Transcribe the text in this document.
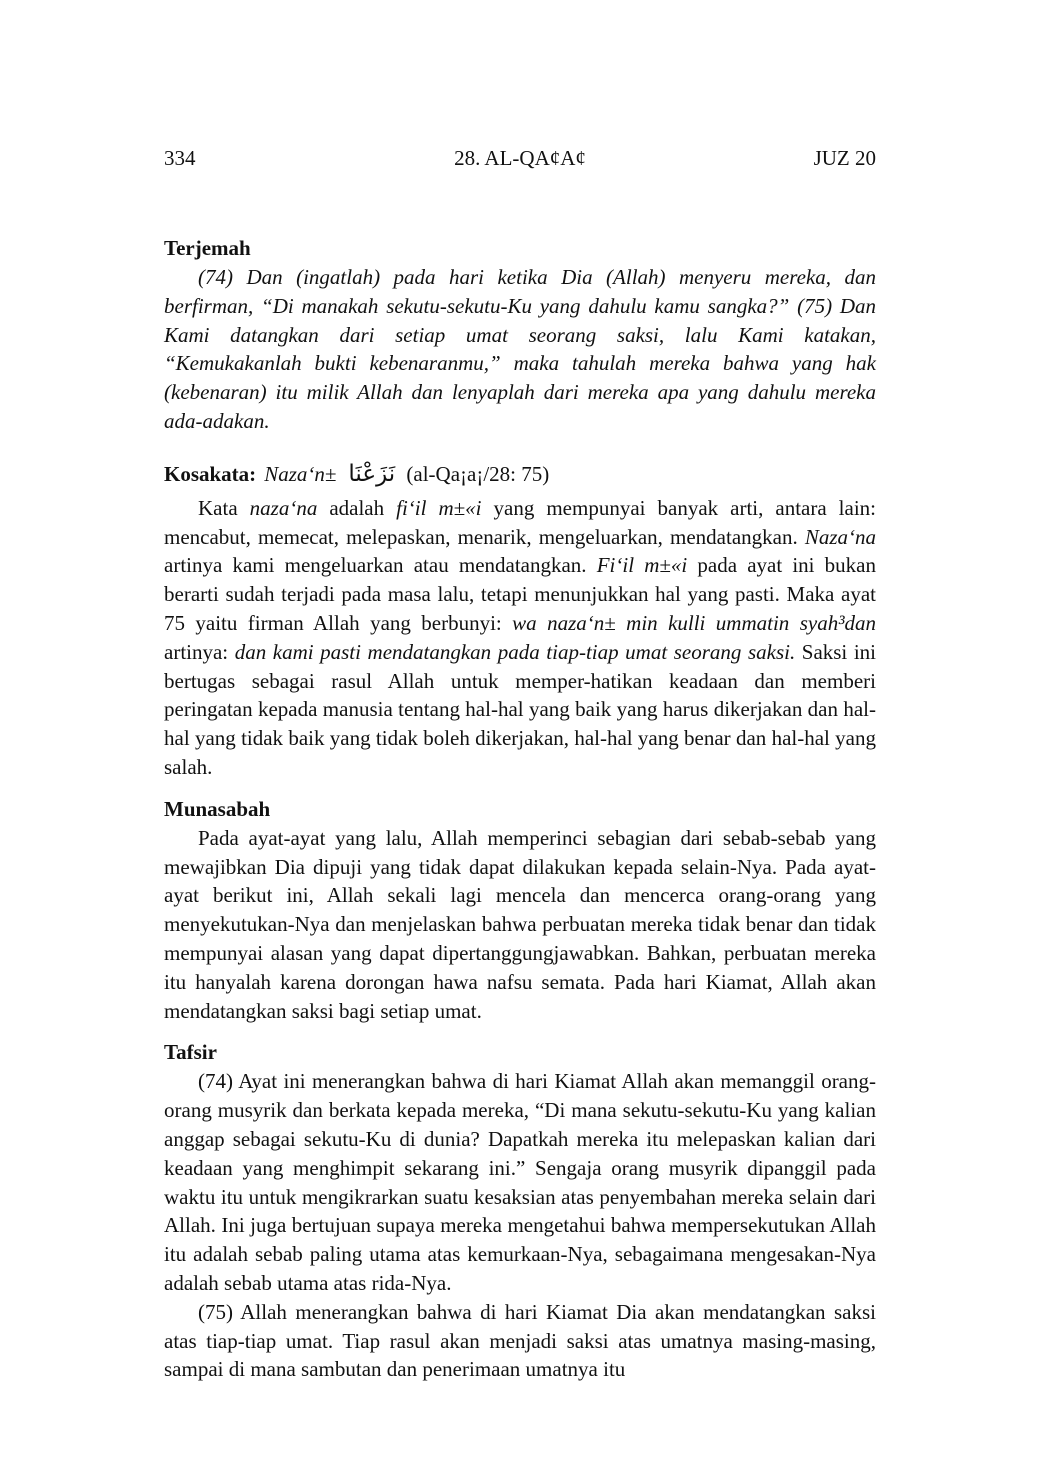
334	28. AL-QA¢A¢	JUZ 20
Terjemah

(74) Dan (ingatlah) pada hari ketika Dia (Allah) menyeru mereka, dan berfirman, “Di manakah sekutu-sekutu-Ku yang dahulu kamu sangka?” (75) Dan Kami datangkan dari setiap umat seorang saksi, lalu Kami katakan, “Kemukakanlah bukti kebenaranmu,” maka tahulah mereka bahwa yang hak (kebenaran) itu milik Allah dan lenyaplah dari mereka apa yang dahulu mereka ada-adakan.

Kosakata: Naza‘n± نَزَعْنَا (al-Qa¡a¡/28: 75)

Kata naza‘na adalah fi‘il m±«i yang mempunyai banyak arti, antara lain: mencabut, memecat, melepaskan, menarik, mengeluarkan, mendatangkan. Naza‘na artinya kami mengeluarkan atau mendatangkan. Fi‘il m±«i pada ayat ini bukan berarti sudah terjadi pada masa lalu, tetapi menunjukkan hal yang pasti. Maka ayat 75 yaitu firman Allah yang berbunyi: wa naza‘n± min kulli ummatin syah³dan artinya: dan kami pasti mendatangkan pada tiap-tiap umat seorang saksi. Saksi ini bertugas sebagai rasul Allah untuk memper-hatikan keadaan dan memberi peringatan kepada manusia tentang hal-hal yang baik yang harus dikerjakan dan hal-hal yang tidak baik yang tidak boleh dikerjakan, hal-hal yang benar dan hal-hal yang salah.

Munasabah

Pada ayat-ayat yang lalu, Allah memperinci sebagian dari sebab-sebab yang mewajibkan Dia dipuji yang tidak dapat dilakukan kepada selain-Nya. Pada ayat-ayat berikut ini, Allah sekali lagi mencela dan mencerca orang-orang yang menyekutukan-Nya dan menjelaskan bahwa perbuatan mereka tidak benar dan tidak mempunyai alasan yang dapat dipertanggungjawabkan. Bahkan, perbuatan mereka itu hanyalah karena dorongan hawa nafsu semata. Pada hari Kiamat, Allah akan mendatangkan saksi bagi setiap umat.

Tafsir

(74) Ayat ini menerangkan bahwa di hari Kiamat Allah akan memanggil orang-orang musyrik dan berkata kepada mereka, “Di mana sekutu-sekutu-Ku yang kalian anggap sebagai sekutu-Ku di dunia? Dapatkah mereka itu melepaskan kalian dari keadaan yang menghimpit sekarang ini.” Sengaja orang musyrik dipanggil pada waktu itu untuk mengikrarkan suatu kesaksian atas penyembahan mereka selain dari Allah. Ini juga bertujuan supaya mereka mengetahui bahwa mempersekutukan Allah itu adalah sebab paling utama atas kemurkaan-Nya, sebagaimana mengesakan-Nya adalah sebab utama atas rida-Nya.

(75) Allah menerangkan bahwa di hari Kiamat Dia akan mendatangkan saksi atas tiap-tiap umat. Tiap rasul akan menjadi saksi atas umatnya masing-masing, sampai di mana sambutan dan penerimaan umatnya itu
